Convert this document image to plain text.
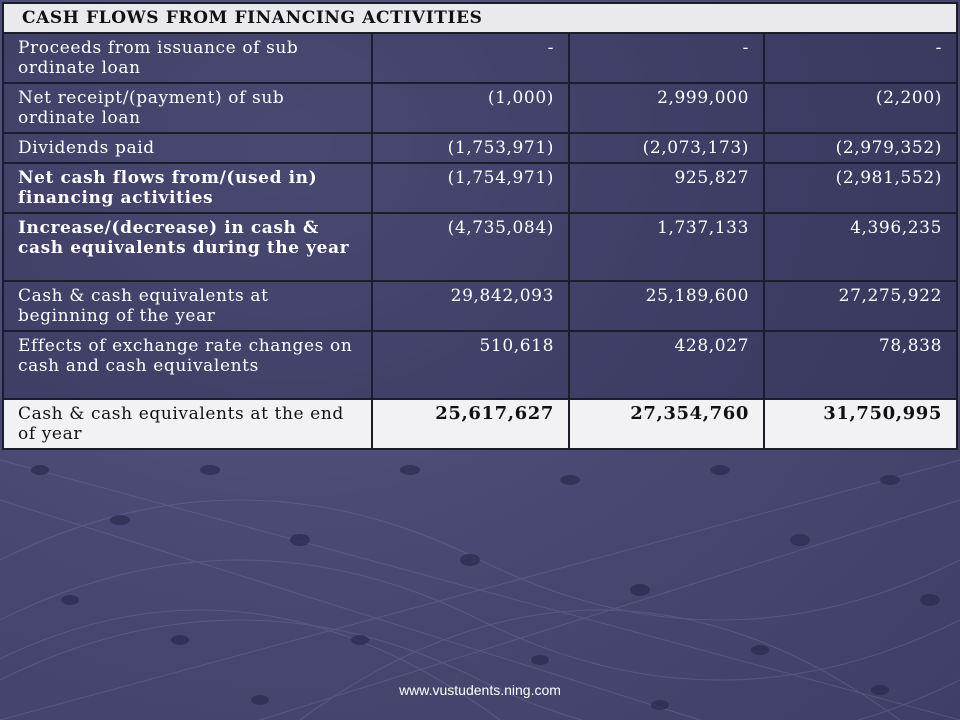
CASH FLOWS FROM FINANCING ACTIVITIES			
Proceeds from issuance of sub ordinate loan	-	-	-
Net receipt/(payment) of sub ordinate loan	(1,000)	2,999,000	(2,200)
Dividends paid	(1,753,971)	(2,073,173)	(2,979,352)
Net cash flows from/(used in) financing activities	(1,754,971)	925,827	(2,981,552)
Increase/(decrease) in cash & cash equivalents during the year	(4,735,084)	1,737,133	4,396,235
Cash & cash equivalents at beginning of the year	29,842,093	25,189,600	27,275,922
Effects of exchange rate changes on cash and cash equivalents	510,618	428,027	78,838
Cash & cash equivalents at the end of year	25,617,627	27,354,760	31,750,995
www.vustudents.ning.com
